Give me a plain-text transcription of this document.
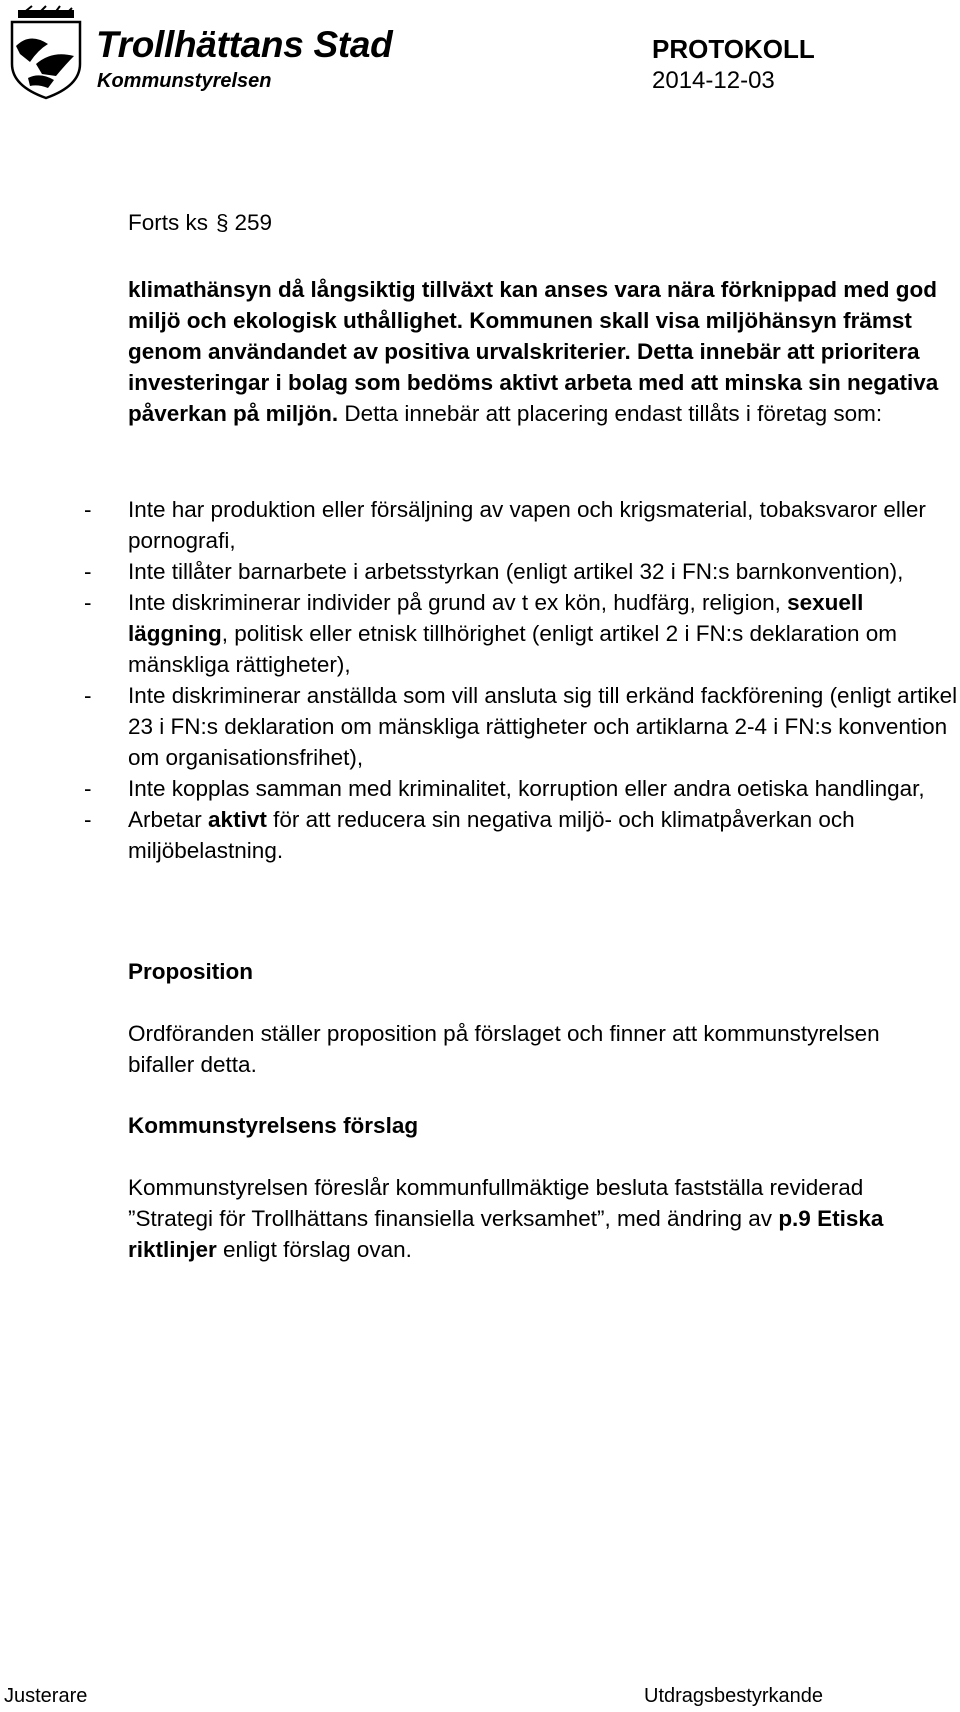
Trollhättans Stad
Kommunstyrelsen
PROTOKOLL
2014-12-03
Forts ks § 259
klimathänsyn då långsiktig tillväxt kan anses vara nära förknippad med god miljö och ekologisk uthållighet. Kommunen skall visa miljöhänsyn främst genom användandet av positiva urvalskriterier. Detta innebär att prioritera investeringar i bolag som bedöms aktivt arbeta med att minska sin negativa påverkan på miljön. Detta innebär att placering endast tillåts i företag som:
- Inte har produktion eller försäljning av vapen och krigsmaterial, tobaksvaror eller pornografi,
- Inte tillåter barnarbete i arbetsstyrkan (enligt artikel 32 i FN:s barnkonvention),
- Inte diskriminerar individer på grund av t ex kön, hudfärg, religion, sexuell läggning, politisk eller etnisk tillhörighet (enligt artikel 2 i FN:s deklaration om mänskliga rättigheter),
- Inte diskriminerar anställda som vill ansluta sig till erkänd fackförening (enligt artikel 23 i FN:s deklaration om mänskliga rättigheter och artiklarna 2-4 i FN:s konvention om organisationsfrihet),
- Inte kopplas samman med kriminalitet, korruption eller andra oetiska handlingar,
- Arbetar aktivt för att reducera sin negativa miljö- och klimatpåverkan och miljöbelastning.
Proposition
Ordföranden ställer proposition på förslaget och finner att kommunstyrelsen bifaller detta.
Kommunstyrelsens förslag
Kommunstyrelsen föreslår kommunfullmäktige besluta fastställa reviderad ”Strategi för Trollhättans finansiella verksamhet”, med ändring av p.9 Etiska riktlinjer enligt förslag ovan.
Justerare	Utdragsbestyrkande
